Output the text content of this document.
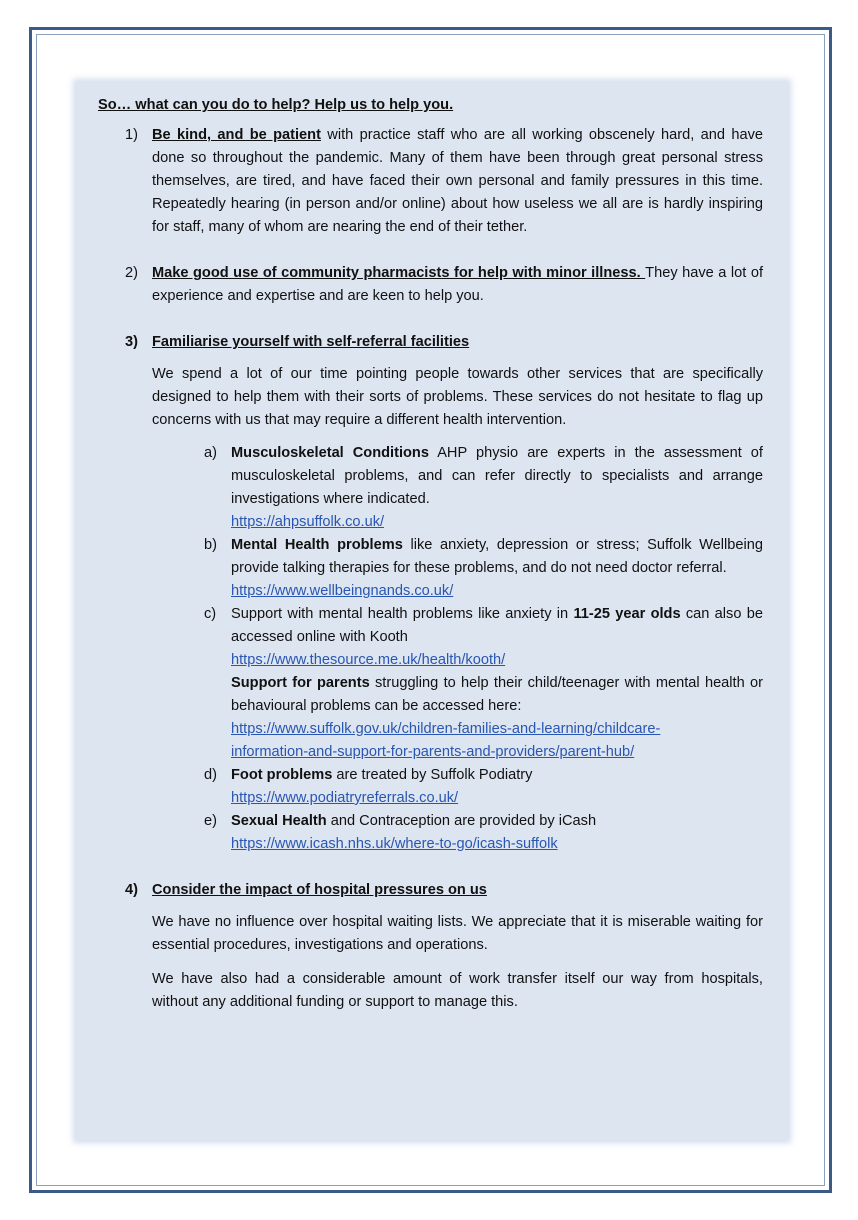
So… what can you do to help? Help us to help you.
1) Be kind, and be patient with practice staff who are all working obscenely hard, and have done so throughout the pandemic. Many of them have been through great personal stress themselves, are tired, and have faced their own personal and family pressures in this time. Repeatedly hearing (in person and/or online) about how useless we all are is hardly inspiring for staff, many of whom are nearing the end of their tether.
2) Make good use of community pharmacists for help with minor illness. They have a lot of experience and expertise and are keen to help you.
3) Familiarise yourself with self-referral facilities
We spend a lot of our time pointing people towards other services that are specifically designed to help them with their sorts of problems. These services do not hesitate to flag up concerns with us that may require a different health intervention.
a) Musculoskeletal Conditions AHP physio are experts in the assessment of musculoskeletal problems, and can refer directly to specialists and arrange investigations where indicated.
https://ahpsuffolk.co.uk/
b) Mental Health problems like anxiety, depression or stress; Suffolk Wellbeing provide talking therapies for these problems, and do not need doctor referral.
https://www.wellbeingnands.co.uk/
c) Support with mental health problems like anxiety in 11-25 year olds can also be accessed online with Kooth
https://www.thesource.me.uk/health/kooth/
Support for parents struggling to help their child/teenager with mental health or behavioural problems can be accessed here:
https://www.suffolk.gov.uk/children-families-and-learning/childcare-
information-and-support-for-parents-and-providers/parent-hub/
d) Foot problems are treated by Suffolk Podiatry
https://www.podiatryreferrals.co.uk/
e) Sexual Health and Contraception are provided by iCash
https://www.icash.nhs.uk/where-to-go/icash-suffolk
4) Consider the impact of hospital pressures on us
We have no influence over hospital waiting lists. We appreciate that it is miserable waiting for essential procedures, investigations and operations.
We have also had a considerable amount of work transfer itself our way from hospitals, without any additional funding or support to manage this.
